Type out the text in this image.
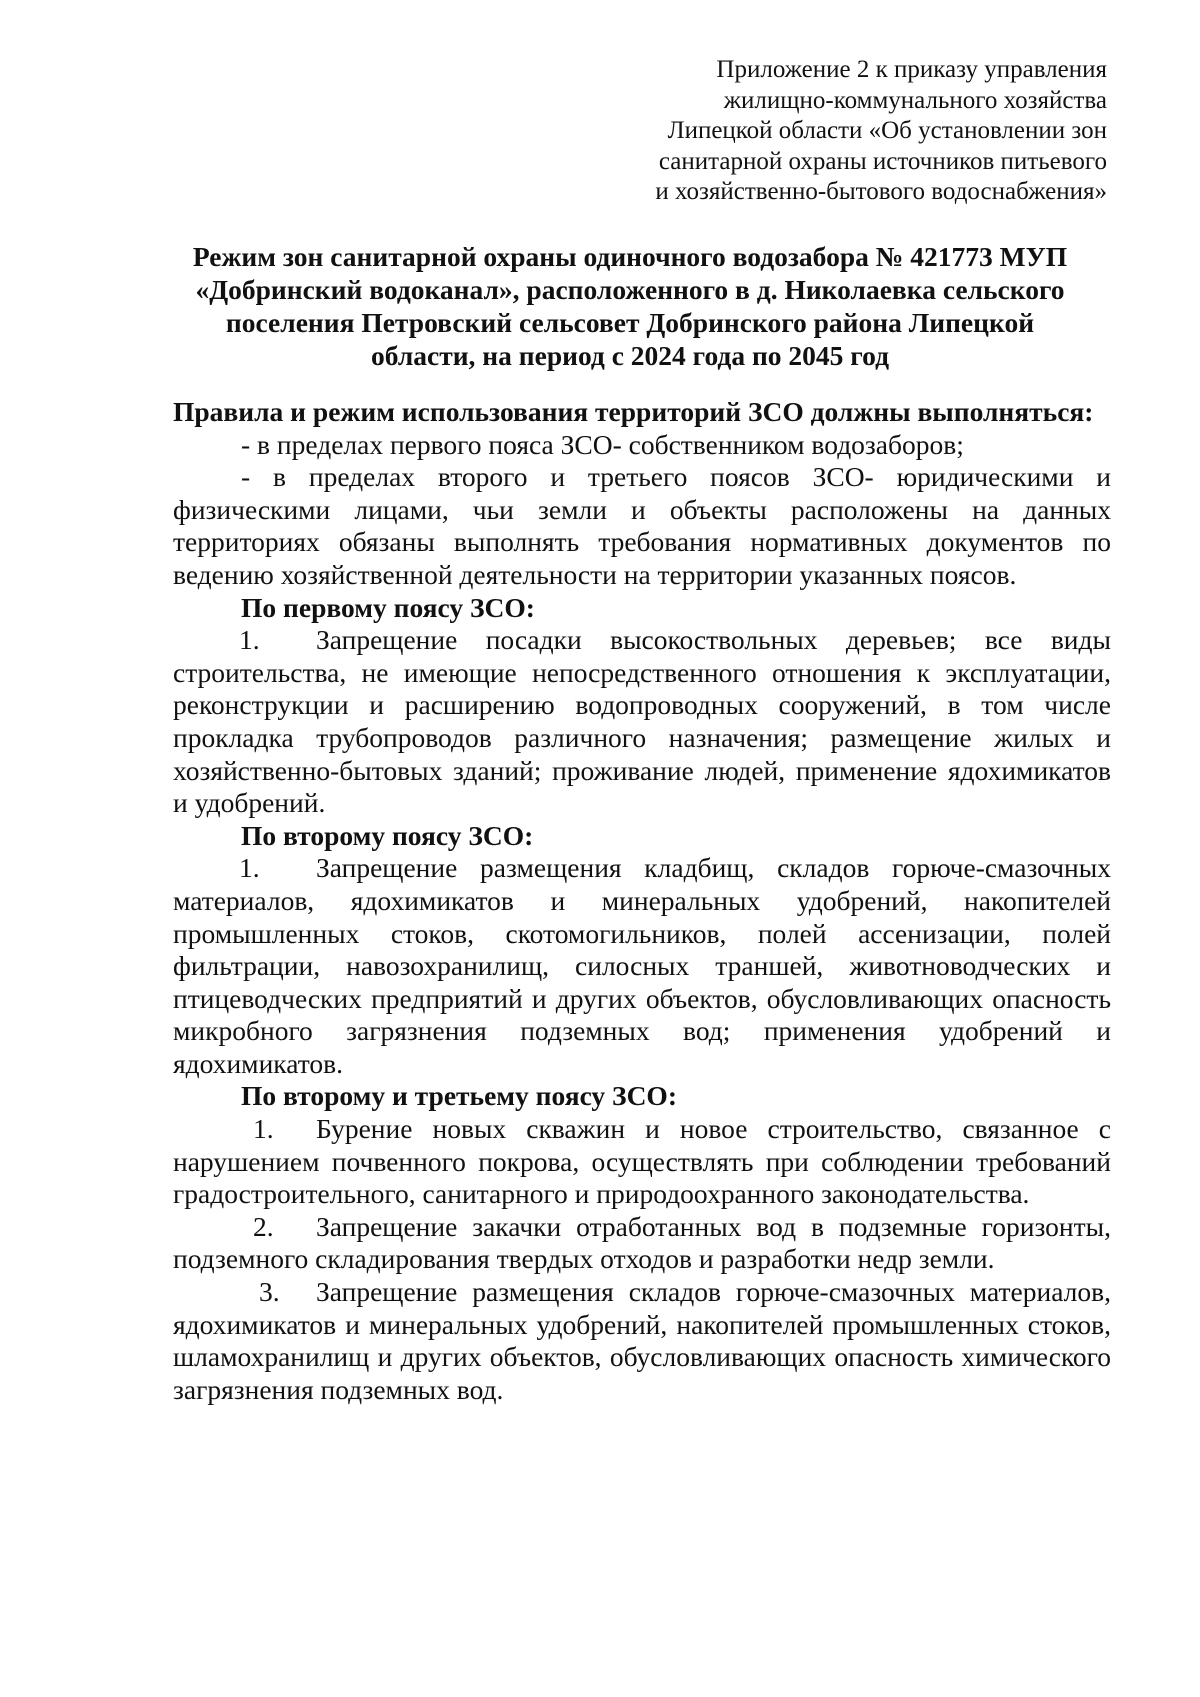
Приложение 2 к приказу управления
жилищно-коммунального хозяйства
Липецкой области «Об установлении зон
санитарной охраны источников питьевого
и хозяйственно-бытового водоснабжения»
Режим зон санитарной охраны одиночного водозабора № 421773 МУП
«Добринский водоканал», расположенного в д. Николаевка сельского
поселения Петровский сельсовет Добринского района Липецкой
области, на период с 2024 года по 2045 год

Правила и режим использования территорий ЗСО должны выполняться:

- в пределах первого пояса ЗСО- собственником водозаборов;

- в пределах второго и третьего поясов ЗСО- юридическими и физическими лицами, чьи земли и объекты расположены на данных территориях обязаны выполнять требования нормативных документов по ведению хозяйственной деятельности на территории указанных поясов.

По первому поясу ЗСО:

1. Запрещение посадки высокоствольных деревьев; все виды строительства, не имеющие непосредственного отношения к эксплуатации, реконструкции и расширению водопроводных сооружений, в том числе прокладка трубопроводов различного назначения; размещение жилых и хозяйственно-бытовых зданий; проживание людей, применение ядохимикатов и удобрений.

По второму поясу ЗСО:

1. Запрещение размещения кладбищ, складов горюче-смазочных материалов, ядохимикатов и минеральных удобрений, накопителей промышленных стоков, скотомогильников, полей ассенизации, полей фильтрации, навозохранилищ, силосных траншей, животноводческих и птицеводческих предприятий и других объектов, обусловливающих опасность микробного загрязнения подземных вод; применения удобрений и ядохимикатов.

По второму и третьему поясу ЗСО:

1. Бурение новых скважин и новое строительство, связанное с нарушением почвенного покрова, осуществлять при соблюдении требований градостроительного, санитарного и природоохранного законодательства.

2. Запрещение закачки отработанных вод в подземные горизонты, подземного складирования твердых отходов и разработки недр земли.

3. Запрещение размещения складов горюче-смазочных материалов, ядохимикатов и минеральных удобрений, накопителей промышленных стоков, шламохранилищ и других объектов, обусловливающих опасность химического загрязнения подземных вод.
